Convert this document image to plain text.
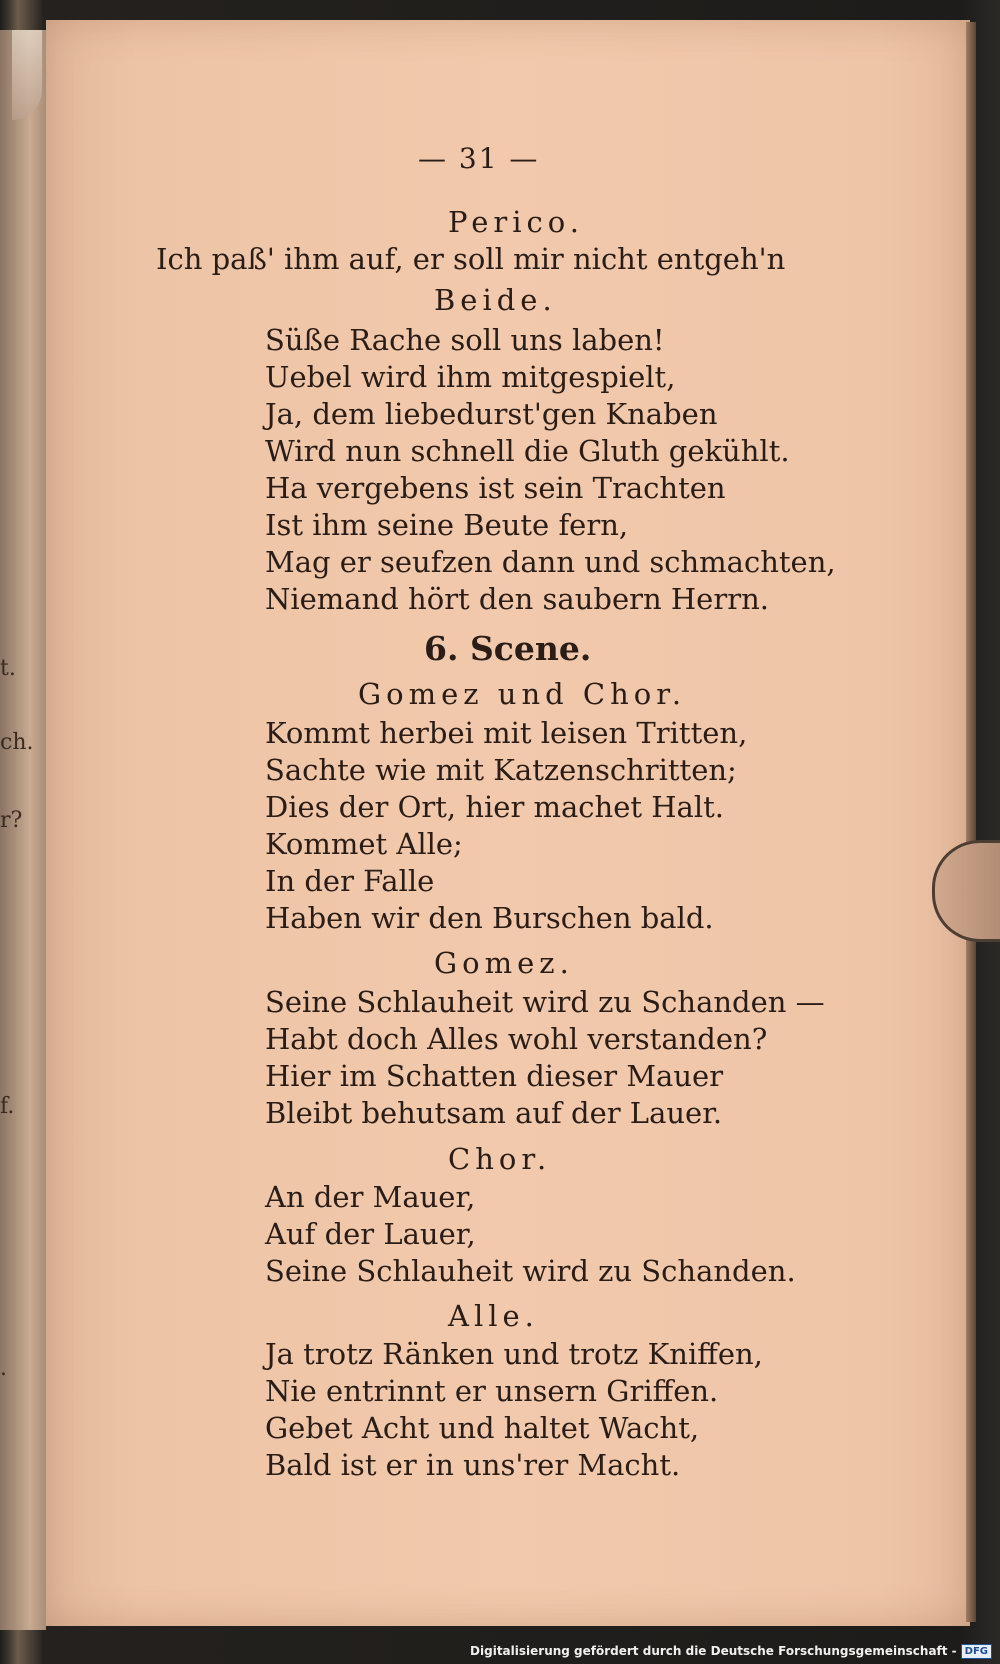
t.
ch.
r?
f.
.
— 31 —
Perico.
Ich paß' ihm auf, er soll mir nicht entgeh'n
Beide.
Süße Rache soll uns laben!
Uebel wird ihm mitgespielt,
Ja, dem liebedurst'gen Knaben
Wird nun schnell die Gluth gekühlt.
Ha vergebens ist sein Trachten
Ist ihm seine Beute fern,
Mag er seufzen dann und schmachten,
Niemand hört den saubern Herrn.
6. Scene.
Gomez und Chor.
Kommt herbei mit leisen Tritten,
Sachte wie mit Katzenschritten;
Dies der Ort, hier machet Halt.
Kommet Alle;
In der Falle
Haben wir den Burschen bald.
Gomez.
Seine Schlauheit wird zu Schanden —
Habt doch Alles wohl verstanden?
Hier im Schatten dieser Mauer
Bleibt behutsam auf der Lauer.
Chor.
An der Mauer,
Auf der Lauer,
Seine Schlauheit wird zu Schanden.
Alle.
Ja trotz Ränken und trotz Kniffen,
Nie entrinnt er unsern Griffen.
Gebet Acht und haltet Wacht,
Bald ist er in uns'rer Macht.
Digitalisierung gefördert durch die Deutsche Forschungsgemeinschaft - DFG
